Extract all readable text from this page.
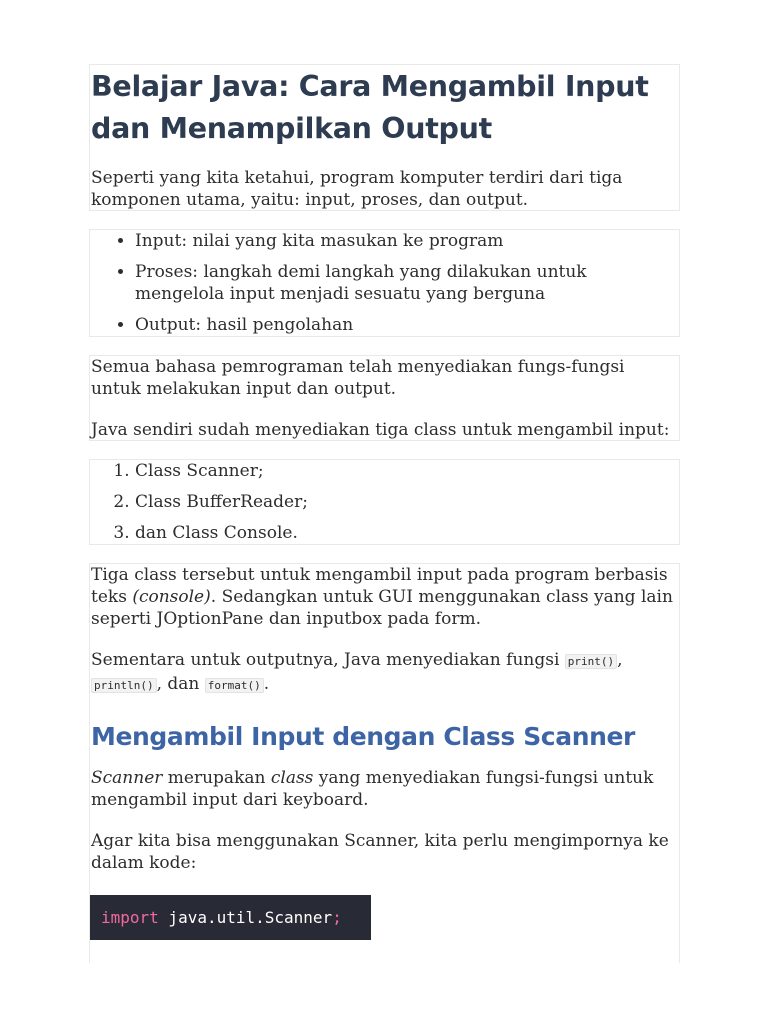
Belajar Java: Cara Mengambil Input dan Menampilkan Output

Seperti yang kita ketahui, program komputer terdiri dari tiga komponen utama, yaitu: input, proses, dan output.

• Input: nilai yang kita masukan ke program
• Proses: langkah demi langkah yang dilakukan untuk mengelola input menjadi sesuatu yang berguna
• Output: hasil pengolahan

Semua bahasa pemrograman telah menyediakan fungs-fungsi untuk melakukan input dan output.

Java sendiri sudah menyediakan tiga class untuk mengambil input:

1. Class Scanner;
2. Class BufferReader;
3. dan Class Console.

Tiga class tersebut untuk mengambil input pada program berbasis teks (console). Sedangkan untuk GUI menggunakan class yang lain seperti JOptionPane dan inputbox pada form.

Sementara untuk outputnya, Java menyediakan fungsi print() , println() , dan format() .

Mengambil Input dengan Class Scanner

Scanner merupakan class yang menyediakan fungsi-fungsi untuk mengambil input dari keyboard.

Agar kita bisa menggunakan Scanner, kita perlu mengimpornya ke dalam kode:

import java.util.Scanner;
